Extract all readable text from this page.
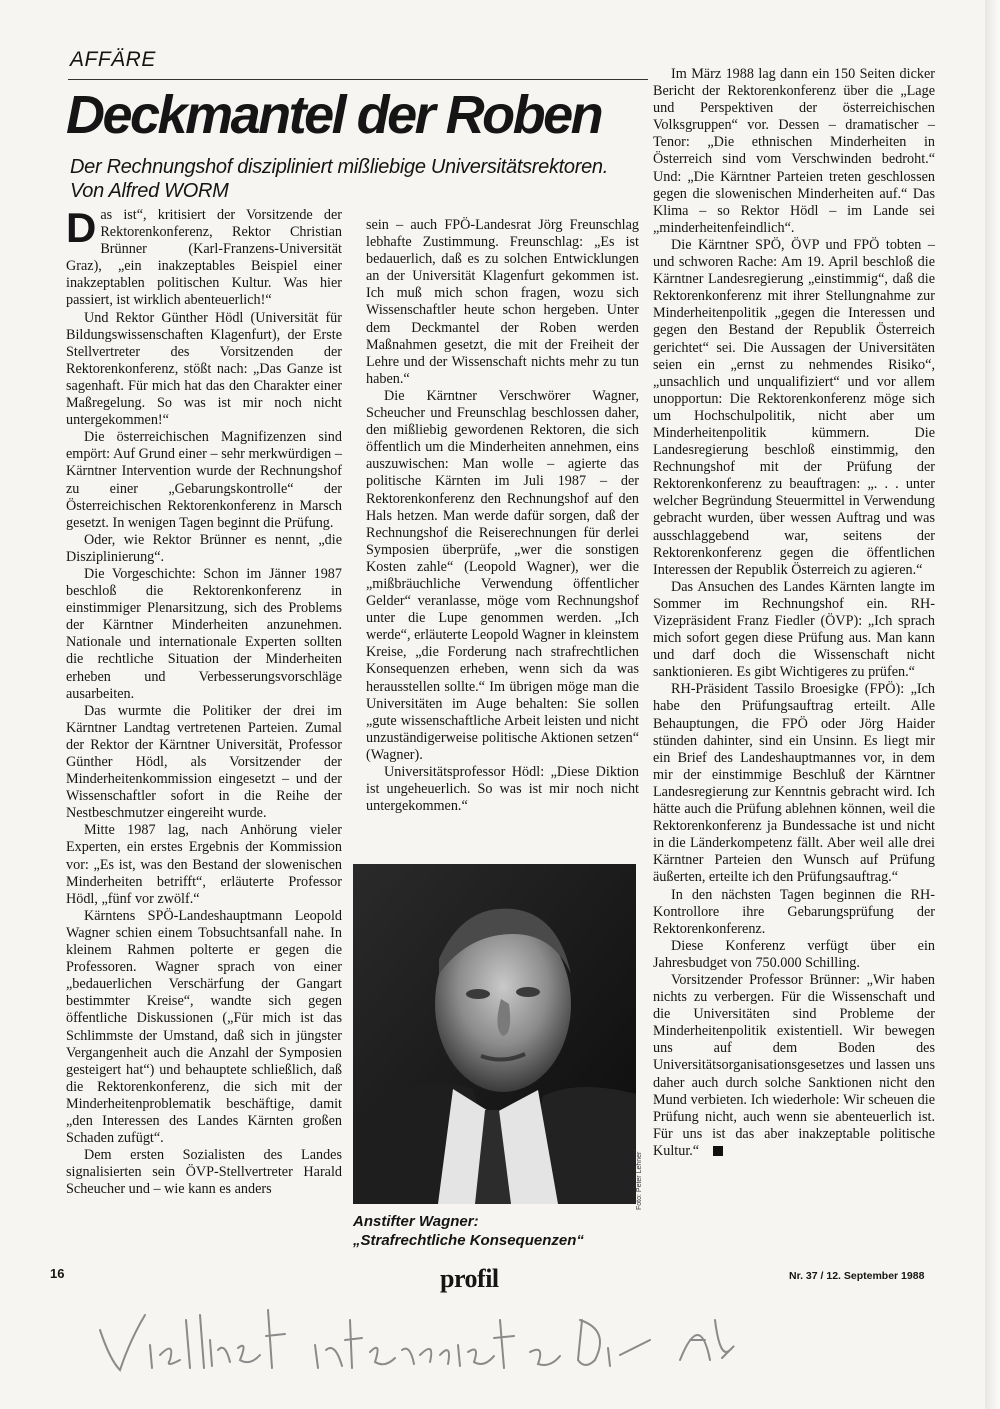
AFFÄRE
Deckmantel der Roben
Der Rechnungshof diszipliniert mißliebige Universitätsrektoren.
Von Alfred WORM

Das ist“, kritisiert der Vorsitzende der Rektorenkonferenz, Rektor Christian Brünner (Karl-Franzens-Universität Graz), „ein inakzeptables Beispiel einer inakzeptablen politischen Kultur. Was hier passiert, ist wirklich abenteuerlich!“

Und Rektor Günther Hödl (Universität für Bildungswissenschaften Klagenfurt), der Erste Stellvertreter des Vorsitzenden der Rektorenkonferenz, stößt nach: „Das Ganze ist sagenhaft. Für mich hat das den Charakter einer Maßregelung. So was ist mir noch nicht untergekommen!“

Die österreichischen Magnifizenzen sind empört: Auf Grund einer – sehr merkwürdigen – Kärntner Intervention wurde der Rechnungshof zu einer „Gebarungskontrolle“ der Österreichischen Rektorenkonferenz in Marsch gesetzt. In wenigen Tagen beginnt die Prüfung.

Oder, wie Rektor Brünner es nennt, „die Disziplinierung“.

Die Vorgeschichte: Schon im Jänner 1987 beschloß die Rektorenkonferenz in einstimmiger Plenarsitzung, sich des Problems der Kärntner Minderheiten anzunehmen. Nationale und internationale Experten sollten die rechtliche Situation der Minderheiten erheben und Verbesserungsvorschläge ausarbeiten.

Das wurmte die Politiker der drei im Kärntner Landtag vertretenen Parteien. Zumal der Rektor der Kärntner Universität, Professor Günther Hödl, als Vorsitzender der Minderheitenkommission eingesetzt – und der Wissenschaftler sofort in die Reihe der Nestbeschmutzer eingereiht wurde.

Mitte 1987 lag, nach Anhörung vieler Experten, ein erstes Ergebnis der Kommission vor: „Es ist, was den Bestand der slowenischen Minderheiten betrifft“, erläuterte Professor Hödl, „fünf vor zwölf.“

Kärntens SPÖ-Landeshauptmann Leopold Wagner schien einem Tobsuchtsanfall nahe. In kleinem Rahmen polterte er gegen die Professoren. Wagner sprach von einer „bedauerlichen Verschärfung der Gangart bestimmter Kreise“, wandte sich gegen öffentliche Diskussionen („Für mich ist das Schlimmste der Umstand, daß sich in jüngster Vergangenheit auch die Anzahl der Symposien gesteigert hat“) und behauptete schließlich, daß die Rektorenkonferenz, die sich mit der Minderheitenproblematik beschäftige, damit „den Interessen des Landes Kärnten großen Schaden zufügt“.

Dem ersten Sozialisten des Landes signalisierten sein ÖVP-Stellvertreter Harald Scheucher und – wie kann es anders

sein – auch FPÖ-Landesrat Jörg Freunschlag lebhafte Zustimmung. Freunschlag: „Es ist bedauerlich, daß es zu solchen Entwicklungen an der Universität Klagenfurt gekommen ist. Ich muß mich schon fragen, wozu sich Wissenschaftler heute schon hergeben. Unter dem Deckmantel der Roben werden Maßnahmen gesetzt, die mit der Freiheit der Lehre und der Wissenschaft nichts mehr zu tun haben.“

Die Kärntner Verschwörer Wagner, Scheucher und Freunschlag beschlossen daher, den mißliebig gewordenen Rektoren, die sich öffentlich um die Minderheiten annehmen, eins auszuwischen: Man wolle – agierte das politische Kärnten im Juli 1987 – der Rektorenkonferenz den Rechnungshof auf den Hals hetzen. Man werde dafür sorgen, daß der Rechnungshof die Reiserechnungen für derlei Symposien überprüfe, „wer die sonstigen Kosten zahle“ (Leopold Wagner), wer die „mißbräuchliche Verwendung öffentlicher Gelder“ veranlasse, möge vom Rechnungshof unter die Lupe genommen werden. „Ich werde“, erläuterte Leopold Wagner in kleinstem Kreise, „die Forderung nach strafrechtlichen Konsequenzen erheben, wenn sich da was herausstellen sollte.“ Im übrigen möge man die Universitäten im Auge behalten: Sie sollen „gute wissenschaftliche Arbeit leisten und nicht unzuständigerweise politische Aktionen setzen“ (Wagner).

Universitätsprofessor Hödl: „Diese Diktion ist ungeheuerlich. So was ist mir noch nicht untergekommen.“

Im März 1988 lag dann ein 150 Seiten dicker Bericht der Rektorenkonferenz über die „Lage und Perspektiven der österreichischen Volksgruppen“ vor. Dessen – dramatischer – Tenor: „Die ethnischen Minderheiten in Österreich sind vom Verschwinden bedroht.“ Und: „Die Kärntner Parteien treten geschlossen gegen die slowenischen Minderheiten auf.“ Das Klima – so Rektor Hödl – im Lande sei „minderheitenfeindlich“.

Die Kärntner SPÖ, ÖVP und FPÖ tobten – und schworen Rache: Am 19. April beschloß die Kärntner Landesregierung „einstimmig“, daß die Rektorenkonferenz mit ihrer Stellungnahme zur Minderheitenpolitik „gegen die Interessen und gegen den Bestand der Republik Österreich gerichtet“ sei. Die Aussagen der Universitäten seien ein „ernst zu nehmendes Risiko“, „unsachlich und unqualifiziert“ und vor allem unopportun: Die Rektorenkonferenz möge sich um Hochschulpolitik, nicht aber um Minderheitenpolitik kümmern. Die Landesregierung beschloß einstimmig, den Rechnungshof mit der Prüfung der Rektorenkonferenz zu beauftragen: „. . . unter welcher Begründung Steuermittel in Verwendung gebracht wurden, über wessen Auftrag und was ausschlaggebend war, seitens der Rektorenkonferenz gegen die öffentlichen Interessen der Republik Österreich zu agieren.“

Das Ansuchen des Landes Kärnten langte im Sommer im Rechnungshof ein. RH-Vizepräsident Franz Fiedler (ÖVP): „Ich sprach mich sofort gegen diese Prüfung aus. Man kann und darf doch die Wissenschaft nicht sanktionieren. Es gibt Wichtigeres zu prüfen.“

RH-Präsident Tassilo Broesigke (FPÖ): „Ich habe den Prüfungsauftrag erteilt. Alle Behauptungen, die FPÖ oder Jörg Haider stünden dahinter, sind ein Unsinn. Es liegt mir ein Brief des Landeshauptmannes vor, in dem mir der einstimmige Beschluß der Kärntner Landesregierung zur Kenntnis gebracht wird. Ich hätte auch die Prüfung ablehnen können, weil die Rektorenkonferenz ja Bundessache ist und nicht in die Länderkompetenz fällt. Aber weil alle drei Kärntner Parteien den Wunsch auf Prüfung äußerten, erteilte ich den Prüfungsauftrag.“

In den nächsten Tagen beginnen die RH-Kontrollore ihre Gebarungsprüfung der Rektorenkonferenz.

Diese Konferenz verfügt über ein Jahresbudget von 750.000 Schilling.

Vorsitzender Professor Brünner: „Wir haben nichts zu verbergen. Für die Wissenschaft und die Universitäten sind Probleme der Minderheitenpolitik existentiell. Wir bewegen uns auf dem Boden des Universitätsorganisationsgesetzes und lassen uns daher auch durch solche Sanktionen nicht den Mund verbieten. Ich wiederhole: Wir scheuen die Prüfung nicht, auch wenn sie abenteuerlich ist. Für uns ist das aber inakzeptable politische Kultur.“

Foto: Peter Lehner
Anstifter Wagner:
„Strafrechtliche Konsequenzen“
16	profil	Nr. 37 / 12. September 1988
